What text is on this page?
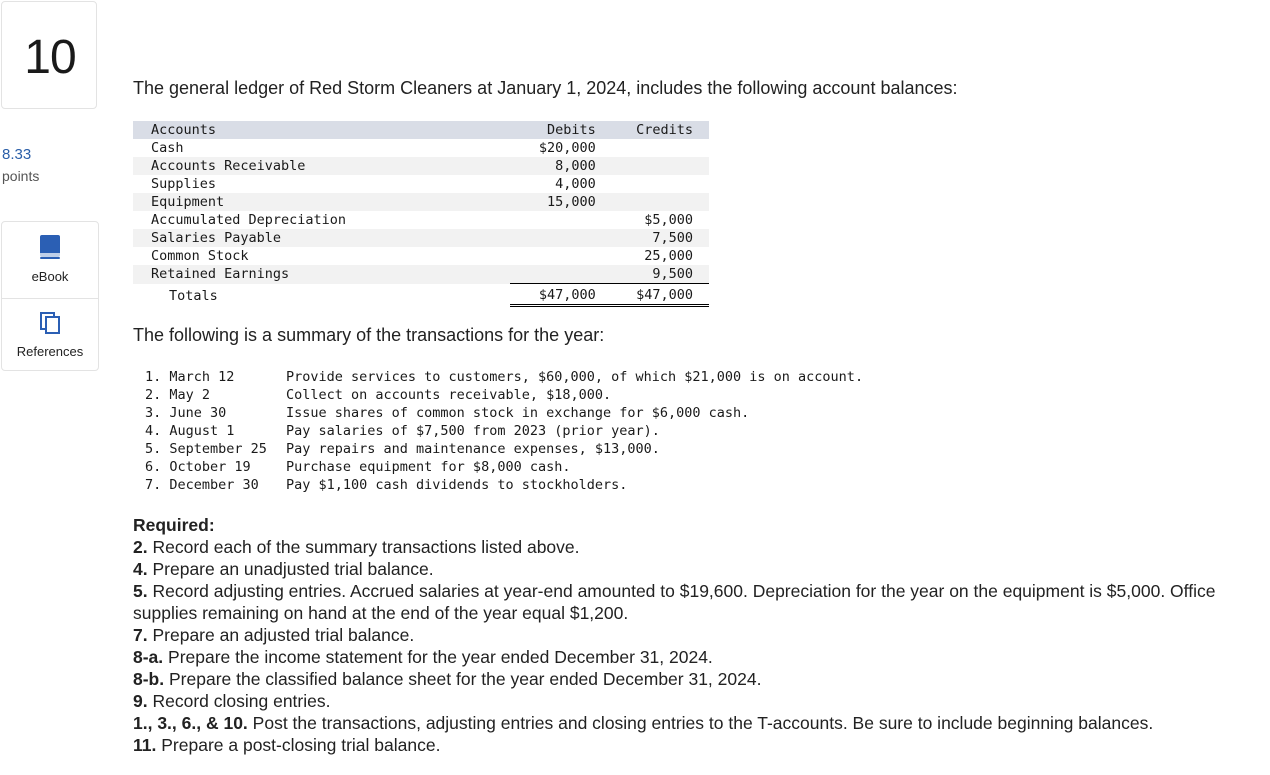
10
8.33
points
eBook
References
The general ledger of Red Storm Cleaners at January 1, 2024, includes the following account balances:
Accounts	Debits	Credits
Cash	$20,000	
Accounts Receivable	8,000	
Supplies	4,000	
Equipment	15,000	
Accumulated Depreciation		$5,000
Salaries Payable		7,500
Common Stock		25,000
Retained Earnings		9,500
Totals	$47,000	$47,000
The following is a summary of the transactions for the year:
1. March 12	Provide services to customers, $60,000, of which $21,000 is on account.
2. May 2	Collect on accounts receivable, $18,000.
3. June 30	Issue shares of common stock in exchange for $6,000 cash.
4. August 1	Pay salaries of $7,500 from 2023 (prior year).
5. September 25	Pay repairs and maintenance expenses, $13,000.
6. October 19	Purchase equipment for $8,000 cash.
7. December 30	Pay $1,100 cash dividends to stockholders.
Required:
2. Record each of the summary transactions listed above.
4. Prepare an unadjusted trial balance.
5. Record adjusting entries. Accrued salaries at year-end amounted to $19,600. Depreciation for the year on the equipment is $5,000. Office supplies remaining on hand at the end of the year equal $1,200.
7. Prepare an adjusted trial balance.
8-a. Prepare the income statement for the year ended December 31, 2024.
8-b. Prepare the classified balance sheet for the year ended December 31, 2024.
9. Record closing entries.
1., 3., 6., & 10. Post the transactions, adjusting entries and closing entries to the T-accounts. Be sure to include beginning balances.
11. Prepare a post-closing trial balance.
